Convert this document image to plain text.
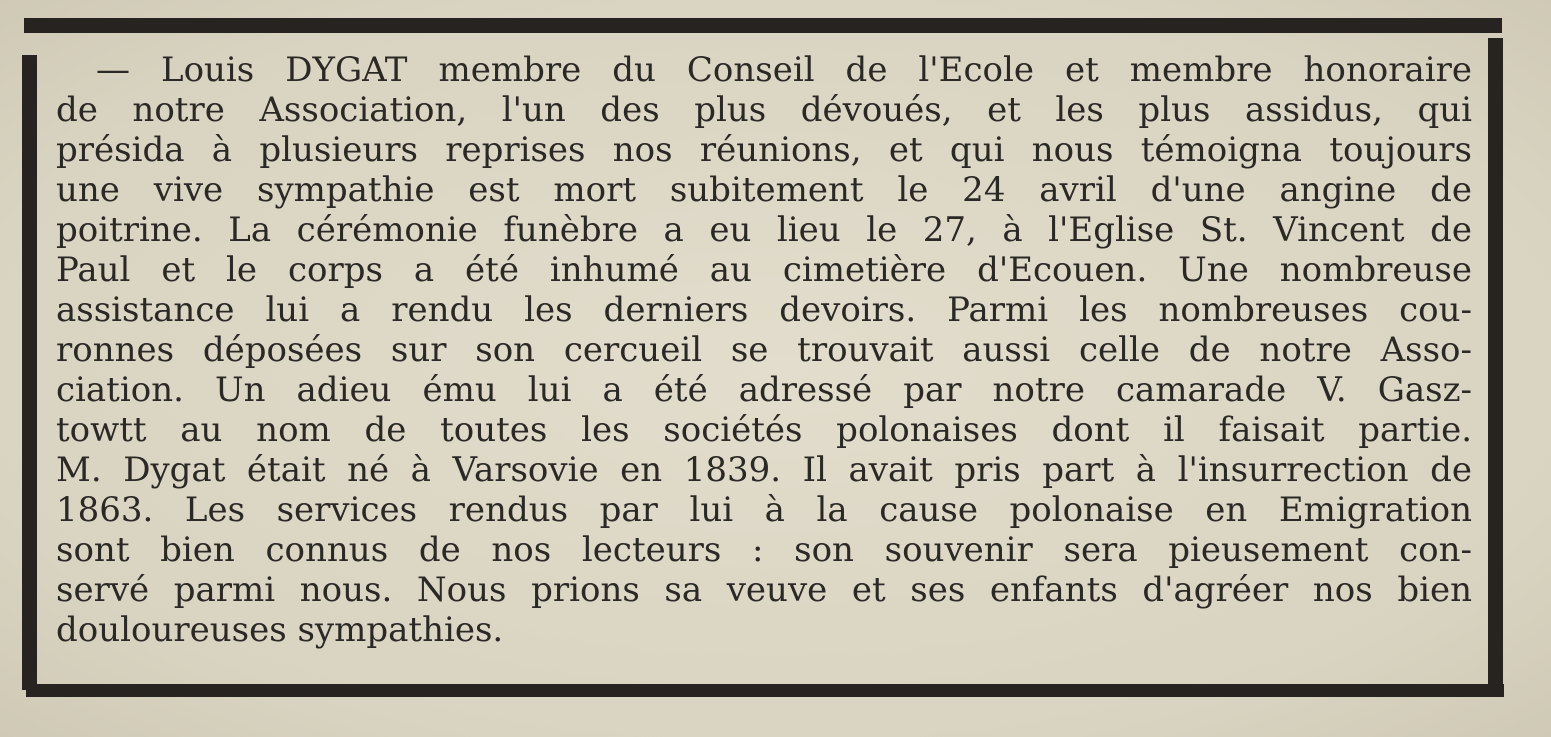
— Louis DYGAT membre du Conseil de l'Ecole et membre honoraire
de notre Association, l'un des plus dévoués, et les plus assidus, qui
présida à plusieurs reprises nos réunions, et qui nous témoigna toujours
une vive sympathie est mort subitement le 24 avril d'une angine de
poitrine. La cérémonie funèbre a eu lieu le 27, à l'Eglise St. Vincent de
Paul et le corps a été inhumé au cimetière d'Ecouen. Une nombreuse
assistance lui a rendu les derniers devoirs. Parmi les nombreuses cou-
ronnes déposées sur son cercueil se trouvait aussi celle de notre Asso-
ciation. Un adieu ému lui a été adressé par notre camarade V. Gasz-
towtt au nom de toutes les sociétés polonaises dont il faisait partie.
M. Dygat était né à Varsovie en 1839. Il avait pris part à l'insurrection de
1863. Les services rendus par lui à la cause polonaise en Emigration
sont bien connus de nos lecteurs : son souvenir sera pieusement con-
servé parmi nous. Nous prions sa veuve et ses enfants d'agréer nos bien
douloureuses sympathies.
